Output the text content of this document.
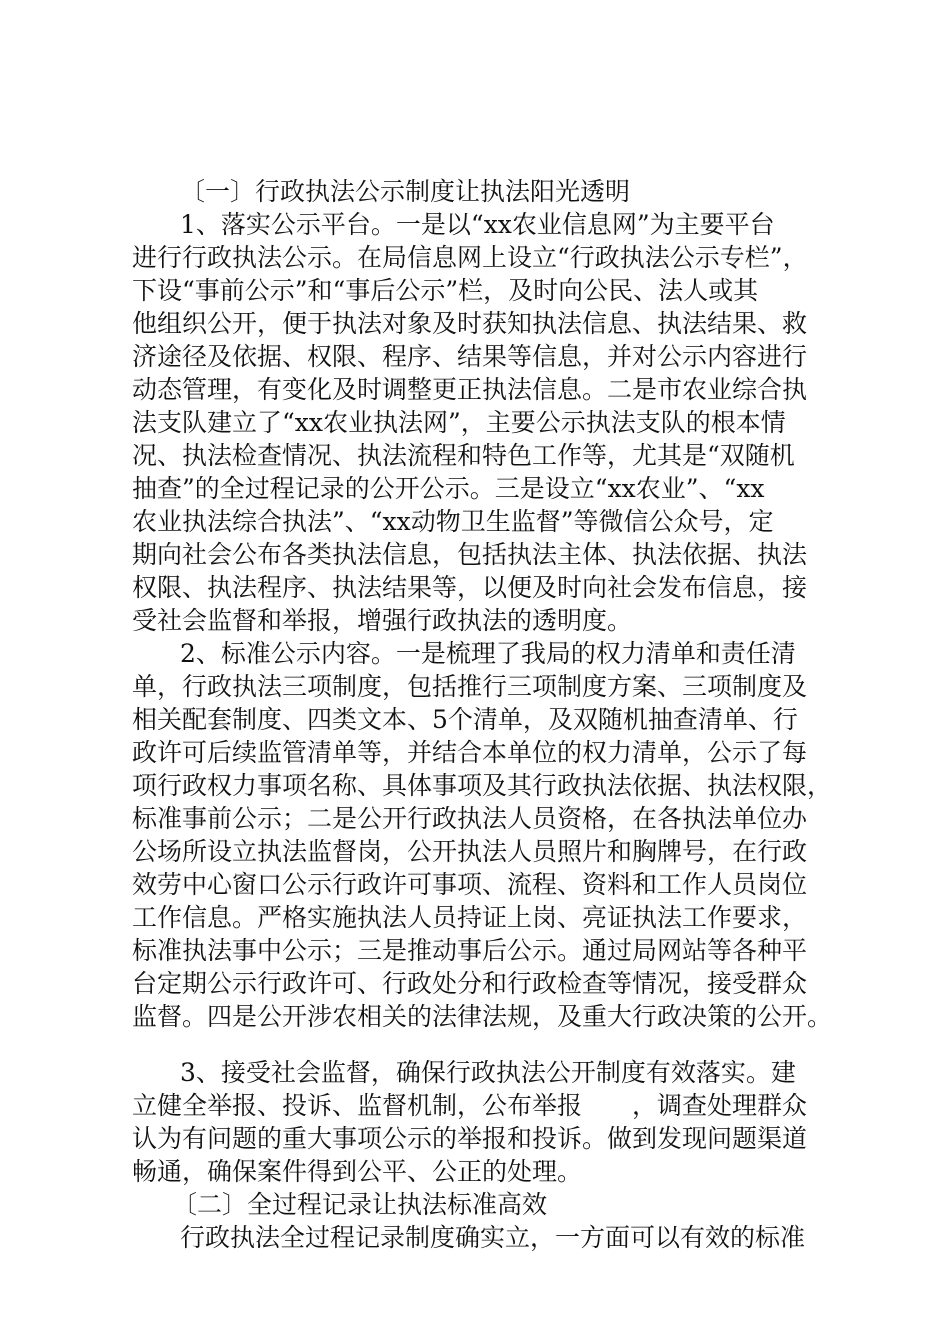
〔一〕行政执法公示制度让执法阳光透明
1、落实公示平台。一是以“xx农业信息网”为主要平台
进行行政执法公示。在局信息网上设立“行政执法公示专栏”，
下设“事前公示”和“事后公示”栏，及时向公民、法人或其
他组织公开，便于执法对象及时获知执法信息、执法结果、救
济途径及依据、权限、程序、结果等信息，并对公示内容进行
动态管理，有变化及时调整更正执法信息。二是市农业综合执
法支队建立了“xx农业执法网”，主要公示执法支队的根本情
况、执法检查情况、执法流程和特色工作等，尤其是“双随机
抽查”的全过程记录的公开公示。三是设立“xx农业”、“xx
农业执法综合执法”、“xx动物卫生监督”等微信公众号，定
期向社会公布各类执法信息，包括执法主体、执法依据、执法
权限、执法程序、执法结果等，以便及时向社会发布信息，接
受社会监督和举报，增强行政执法的透明度。
2、标准公示内容。一是梳理了我局的权力清单和责任清
单，行政执法三项制度，包括推行三项制度方案、三项制度及
相关配套制度、四类文本、5个清单，及双随机抽查清单、行
政许可后续监管清单等，并结合本单位的权力清单，公示了每
项行政权力事项名称、具体事项及其行政执法依据、执法权限，
标准事前公示；二是公开行政执法人员资格，在各执法单位办
公场所设立执法监督岗，公开执法人员照片和胸牌号，在行政
效劳中心窗口公示行政许可事项、流程、资料和工作人员岗位
工作信息。严格实施执法人员持证上岗、亮证执法工作要求，
标准执法事中公示；三是推动事后公示。通过局网站等各种平
台定期公示行政许可、行政处分和行政检查等情况，接受群众
监督。四是公开涉农相关的法律法规，及重大行政决策的公开。
3、接受社会监督，确保行政执法公开制度有效落实。建
立健全举报、投诉、监督机制，公布举报　　，调查处理群众
认为有问题的重大事项公示的举报和投诉。做到发现问题渠道
畅通，确保案件得到公平、公正的处理。
〔二〕全过程记录让执法标准高效
行政执法全过程记录制度确实立，一方面可以有效的标准
